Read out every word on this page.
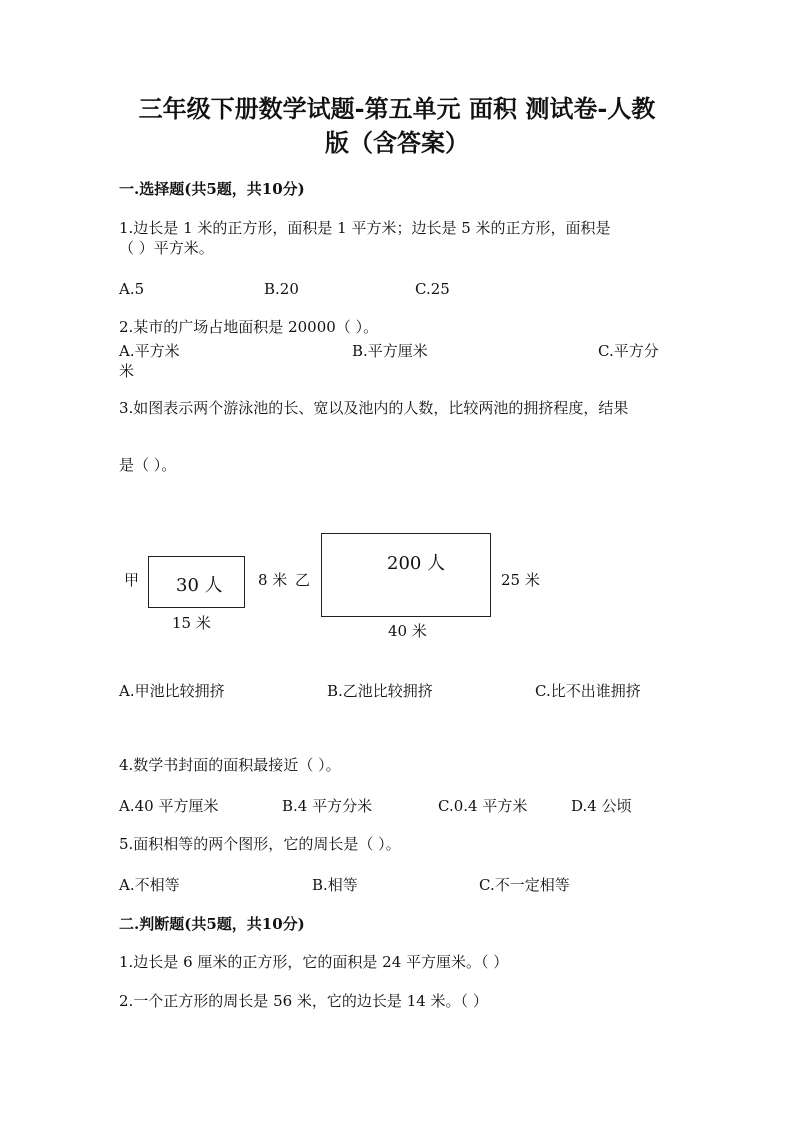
三年级下册数学试题-第五单元 面积 测试卷-人教
版（含答案）
一.选择题(共5题，共10分)
1.边长是 1 米的正方形，面积是 1 平方米；边长是 5 米的正方形，面积是
（ ）平方米。
A.5	B.20	C.25
2.某市的广场占地面积是 20000（ ）。
A.平方米	B.平方厘米	C.平方分
米
3.如图表示两个游泳池的长、宽以及池内的人数，比较两池的拥挤程度，结果
是（ ）。
甲 30 人 8 米
15 米
乙
200 人
25 米
40 米
A.甲池比较拥挤	B.乙池比较拥挤	C.比不出谁拥挤
4.数学书封面的面积最接近（ ）。
A.40 平方厘米	B.4 平方分米	C.0.4 平方米	D.4 公顷
5.面积相等的两个图形，它的周长是（ ）。
A.不相等	B.相等	C.不一定相等
二.判断题(共5题，共10分)
1.边长是 6 厘米的正方形，它的面积是 24 平方厘米。（ ）
2.一个正方形的周长是 56 米，它的边长是 14 米。（ ）
